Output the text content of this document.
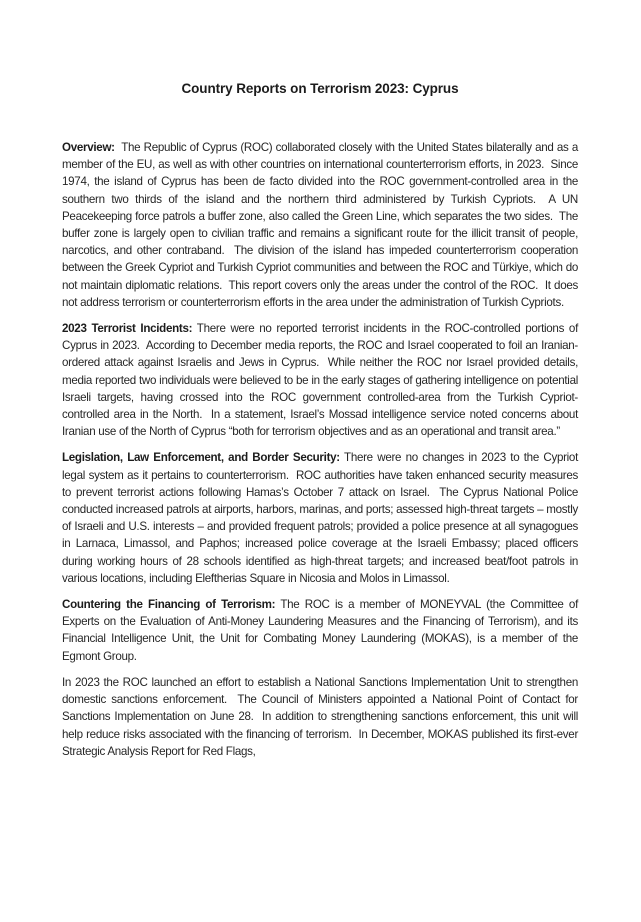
Country Reports on Terrorism 2023: Cyprus

Overview:  The Republic of Cyprus (ROC) collaborated closely with the United States bilaterally and as a member of the EU, as well as with other countries on international counterterrorism efforts, in 2023.  Since 1974, the island of Cyprus has been de facto divided into the ROC government-controlled area in the southern two thirds of the island and the northern third administered by Turkish Cypriots.  A UN Peacekeeping force patrols a buffer zone, also called the Green Line, which separates the two sides.  The buffer zone is largely open to civilian traffic and remains a significant route for the illicit transit of people, narcotics, and other contraband.  The division of the island has impeded counterterrorism cooperation between the Greek Cypriot and Turkish Cypriot communities and between the ROC and Türkiye, which do not maintain diplomatic relations.  This report covers only the areas under the control of the ROC.  It does not address terrorism or counterterrorism efforts in the area under the administration of Turkish Cypriots.

2023 Terrorist Incidents: There were no reported terrorist incidents in the ROC-controlled portions of Cyprus in 2023.  According to December media reports, the ROC and Israel cooperated to foil an Iranian-ordered attack against Israelis and Jews in Cyprus.  While neither the ROC nor Israel provided details, media reported two individuals were believed to be in the early stages of gathering intelligence on potential Israeli targets, having crossed into the ROC government controlled-area from the Turkish Cypriot-controlled area in the North.  In a statement, Israel’s Mossad intelligence service noted concerns about Iranian use of the North of Cyprus “both for terrorism objectives and as an operational and transit area.”

Legislation, Law Enforcement, and Border Security: There were no changes in 2023 to the Cypriot legal system as it pertains to counterterrorism.  ROC authorities have taken enhanced security measures to prevent terrorist actions following Hamas’s October 7 attack on Israel.  The Cyprus National Police conducted increased patrols at airports, harbors, marinas, and ports; assessed high-threat targets – mostly of Israeli and U.S. interests – and provided frequent patrols; provided a police presence at all synagogues in Larnaca, Limassol, and Paphos; increased police coverage at the Israeli Embassy; placed officers during working hours of 28 schools identified as high-threat targets; and increased beat/foot patrols in various locations, including Eleftherias Square in Nicosia and Molos in Limassol.

Countering the Financing of Terrorism: The ROC is a member of MONEYVAL (the Committee of Experts on the Evaluation of Anti-Money Laundering Measures and the Financing of Terrorism), and its Financial Intelligence Unit, the Unit for Combating Money Laundering (MOKAS), is a member of the Egmont Group.

In 2023 the ROC launched an effort to establish a National Sanctions Implementation Unit to strengthen domestic sanctions enforcement.  The Council of Ministers appointed a National Point of Contact for Sanctions Implementation on June 28.  In addition to strengthening sanctions enforcement, this unit will help reduce risks associated with the financing of terrorism.  In December, MOKAS published its first-ever Strategic Analysis Report for Red Flags,
